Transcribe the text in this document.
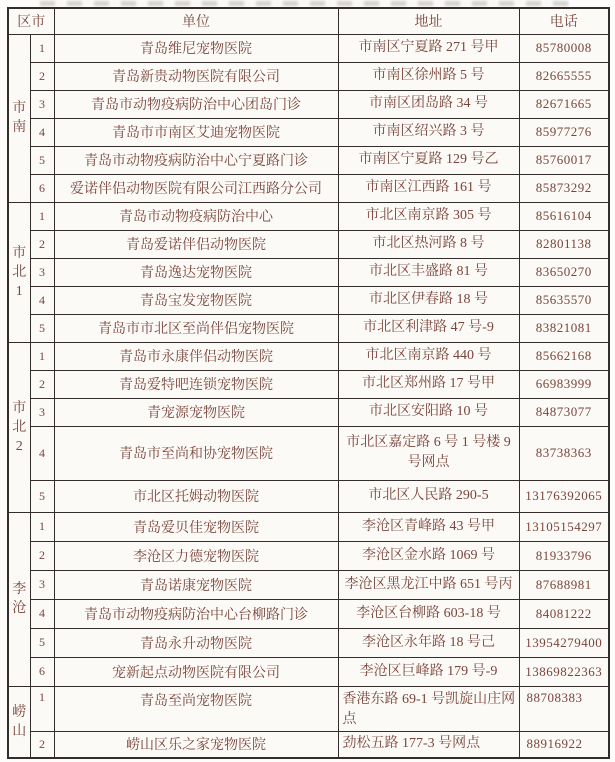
区市		单位	地址	电话
市南	1	青岛维尼宠物医院	市南区宁夏路 271 号甲	85780008
	2	青岛新贵动物医院有限公司	市南区徐州路 5 号	82665555
	3	青岛市动物疫病防治中心团岛门诊	市南区团岛路 34 号	82671665
	4	青岛市市南区艾迪宠物医院	市南区绍兴路 3 号	85977276
	5	青岛市动物疫病防治中心宁夏路门诊	市南区宁夏路 129 号乙	85760017
	6	爱诺伴侣动物医院有限公司江西路分公司	市南区江西路 161 号	85873292
市北1	1	青岛市动物疫病防治中心	市北区南京路 305 号	85616104
	2	青岛爱诺伴侣动物医院	市北区热河路 8 号	82801138
	3	青岛逸达宠物医院	市北区丰盛路 81 号	83650270
	4	青岛宝发宠物医院	市北区伊春路 18 号	85635570
	5	青岛市市北区至尚伴侣宠物医院	市北区利津路 47 号-9	83821081
市北2	1	青岛市永康伴侣动物医院	市北区南京路 440 号	85662168
	2	青岛爱特吧连锁宠物医院	市北区郑州路 17 号甲	66983999
	3	青宠源宠物医院	市北区安阳路 10 号	84873077
	4	青岛市至尚和协宠物医院	市北区嘉定路 6 号 1 号楼 9 号网点	83738363
	5	市北区托姆动物医院	市北区人民路 290-5	13176392065
李沧	1	青岛爱贝佳宠物医院	李沧区青峰路 43 号甲	13105154297
	2	李沧区力德宠物医院	李沧区金水路 1069 号	81933796
	3	青岛诺康宠物医院	李沧区黑龙江中路 651 号丙	87688981
	4	青岛市动物疫病防治中心台柳路门诊	李沧区台柳路 603-18 号	84081222
	5	青岛永升动物医院	李沧区永年路 18 号己	13954279400
	6	宠新起点动物医院有限公司	李沧区巨峰路 179 号-9	13869822363
崂山	1	青岛至尚宠物医院	香港东路 69-1 号凯旋山庄网点	88708383
	2	崂山区乐之家宠物医院	劲松五路 177-3 号网点	88916922
